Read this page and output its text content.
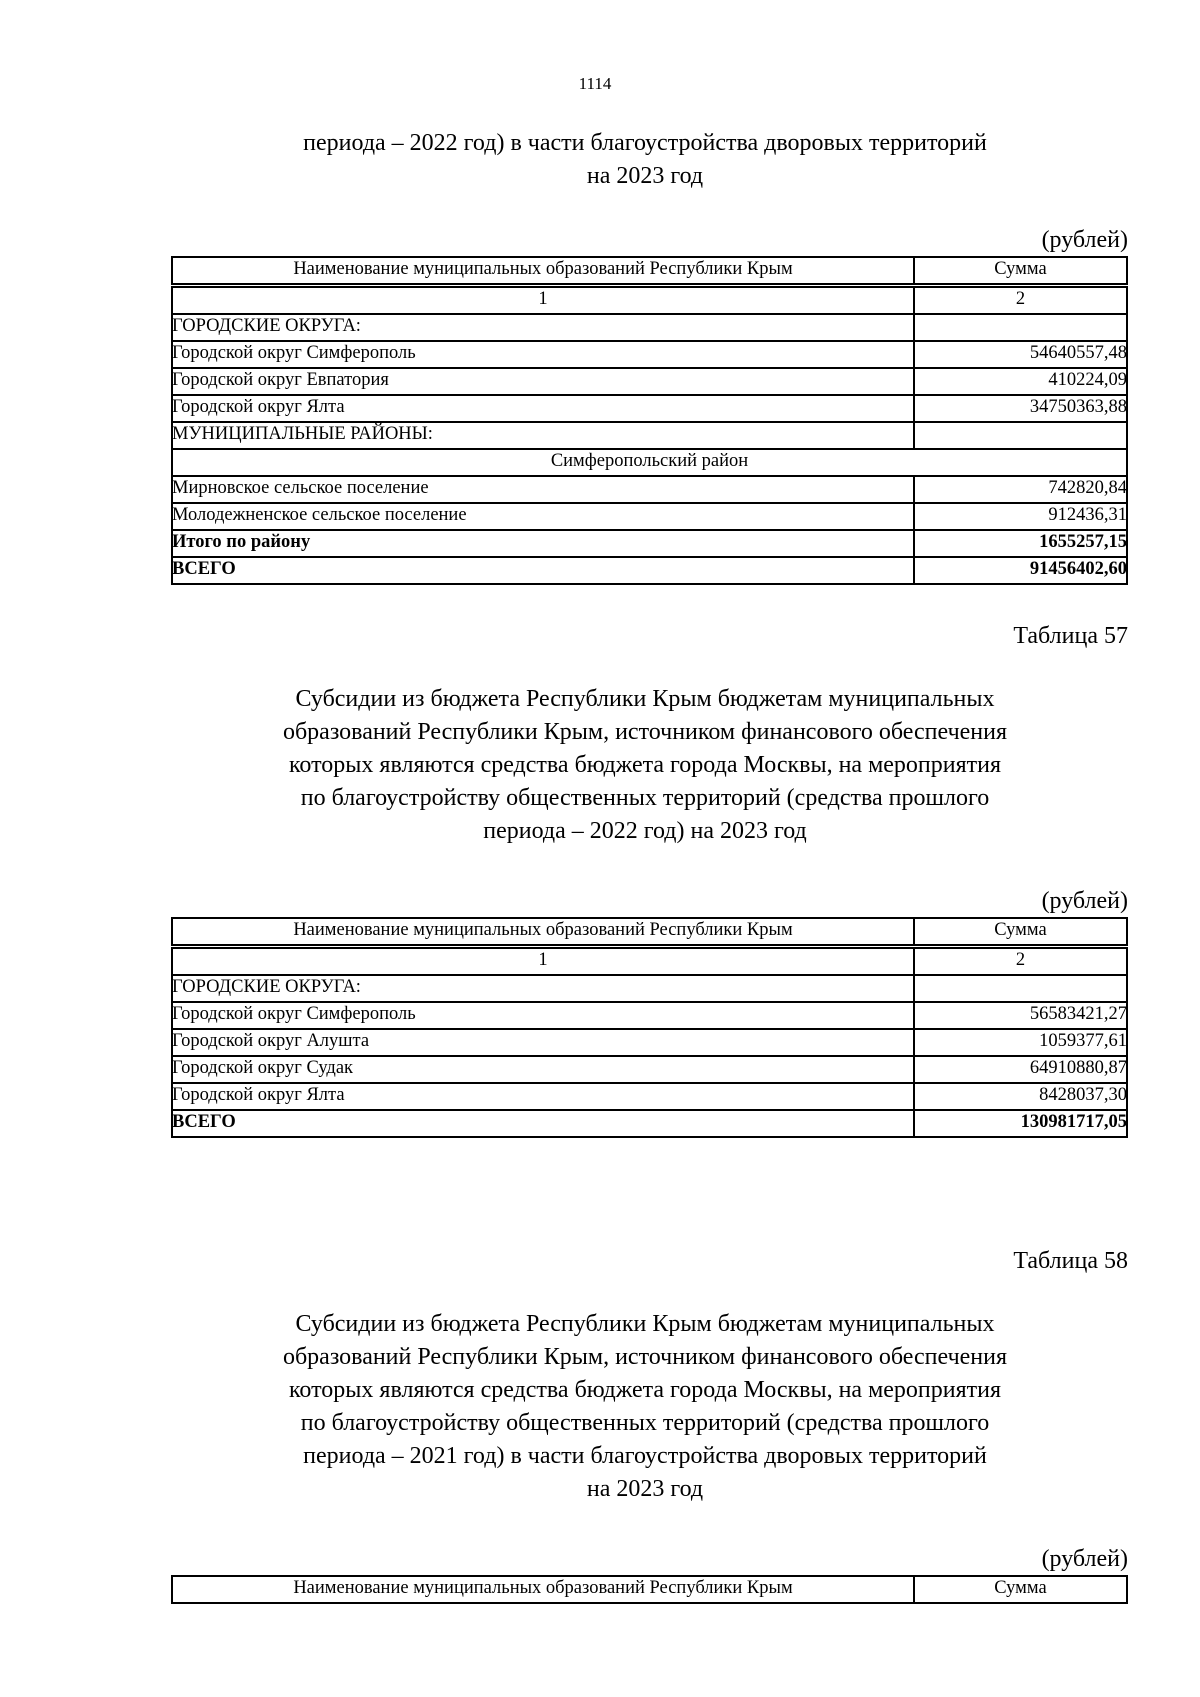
1114
периода – 2022 год) в части благоустройства дворовых территорий
на 2023 год
(рублей)
Наименование муниципальных образований Республики Крым	Сумма
1	2
ГОРОДСКИЕ ОКРУГА:
Городской округ Симферополь	54640557,48
Городской округ Евпатория	410224,09
Городской округ Ялта	34750363,88
МУНИЦИПАЛЬНЫЕ РАЙОНЫ:
Симферопольский район
Мирновское сельское поселение	742820,84
Молодежненское сельское поселение	912436,31
Итого по району	1655257,15
ВСЕГО	91456402,60
Таблица 57
Субсидии из бюджета Республики Крым бюджетам муниципальных
образований Республики Крым, источником финансового обеспечения
которых являются средства бюджета города Москвы, на мероприятия
по благоустройству общественных территорий (средства прошлого
периода – 2022 год) на 2023 год
(рублей)
Наименование муниципальных образований Республики Крым	Сумма
1	2
ГОРОДСКИЕ ОКРУГА:
Городской округ Симферополь	56583421,27
Городской округ Алушта	1059377,61
Городской округ Судак	64910880,87
Городской округ Ялта	8428037,30
ВСЕГО	130981717,05
Таблица 58
Субсидии из бюджета Республики Крым бюджетам муниципальных
образований Республики Крым, источником финансового обеспечения
которых являются средства бюджета города Москвы, на мероприятия
по благоустройству общественных территорий (средства прошлого
периода – 2021 год) в части благоустройства дворовых территорий
на 2023 год
(рублей)
Наименование муниципальных образований Республики Крым	Сумма
